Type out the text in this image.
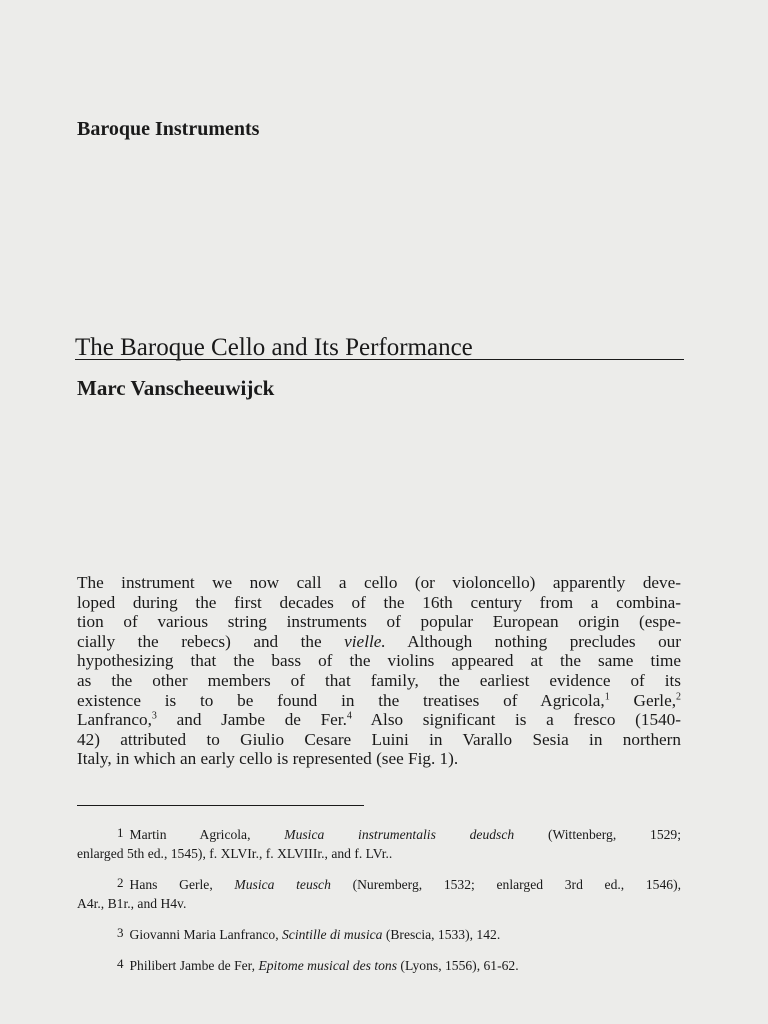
Baroque Instruments
The Baroque Cello and Its Performance
Marc Vanscheeuwijck

The instrument we now call a cello (or violoncello) apparently deve-
loped during the first decades of the 16th century from a combina-
tion of various string instruments of popular European origin (espe-
cially the rebecs) and the vielle. Although nothing precludes our
hypothesizing that the bass of the violins appeared at the same time
as the other members of that family, the earliest evidence of its
existence is to be found in the treatises of Agricola,$^1$ Gerle,$^2$
Lanfranco,$^3$ and Jambe de Fer.$^4$ Also significant is a fresco (1540-
42) attributed to Giulio Cesare Luini in Varallo Sesia in northern
Italy, in which an early cello is represented (see Fig. 1).

1 Martin Agricola, Musica instrumentalis deudsch (Wittenberg, 1529;
enlarged 5th ed., 1545), f. XLVIr., f. XLVIIIr., and f. LVr..
2 Hans Gerle, Musica teusch (Nuremberg, 1532; enlarged 3rd ed., 1546),
A4r., B1r., and H4v.
3 Giovanni Maria Lanfranco, Scintille di musica (Brescia, 1533), 142.
4 Philibert Jambe de Fer, Epitome musical des tons (Lyons, 1556), 61-62.
